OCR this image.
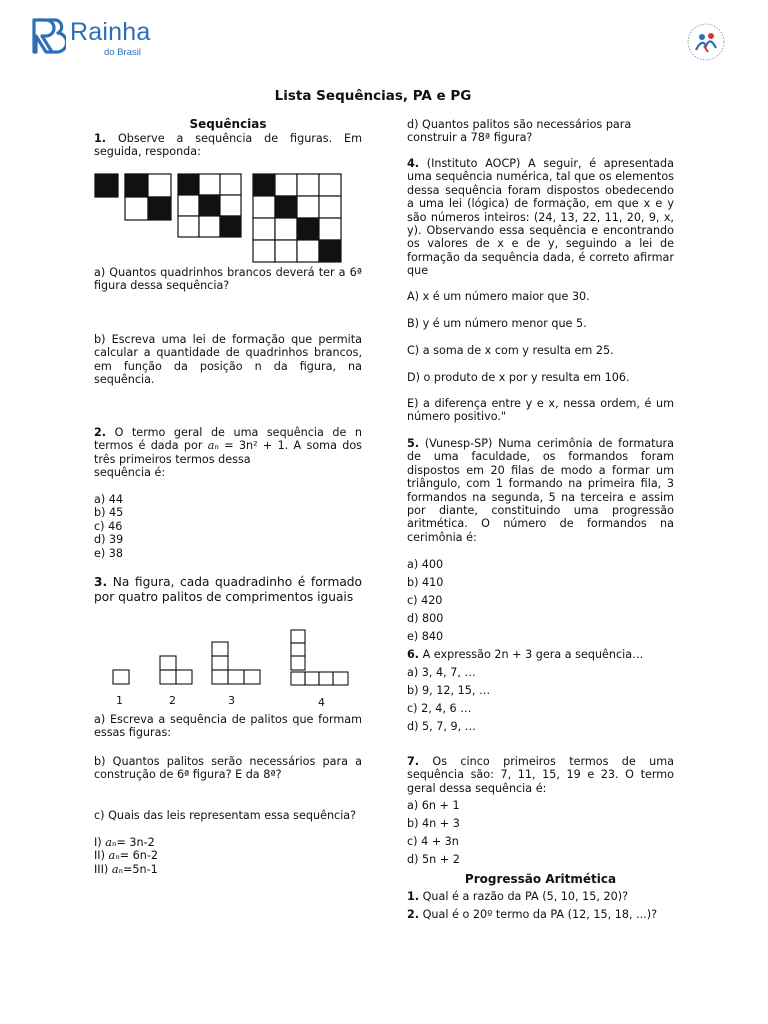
Rainha
do Brasil
Lista Sequências, PA e PG
Sequências

1. Observe a sequência de figuras. Em seguida, responda:

a) Quantos quadrinhos brancos deverá ter a 6ª figura dessa sequência?

b) Escreva uma lei de formação que permita calcular a quantidade de quadrinhos brancos, em função da posição n da figura, na sequência.

2. O termo geral de uma sequência de n termos é dada por aₙ = 3n² + 1. A soma dos três primeiros termos dessa
sequência é:

a) 44

b) 45

c) 46

d) 39

e) 38

3. Na figura, cada quadradinho é formado por quatro palitos de comprimentos iguais

1	2	3	4

a) Escreva a sequência de palitos que formam essas figuras:

b) Quantos palitos serão necessários para a construção de 6ª figura? E da 8ª?

c) Quais das leis representam essa sequência?

I) aₙ= 3n-2

II) aₙ= 6n-2

III) aₙ=5n-1

d) Quantos palitos são necessários para construir a 78ª figura?

4. (Instituto AOCP) A seguir, é apresentada uma sequência numérica, tal que os elementos dessa sequência foram dispostos obedecendo a uma lei (lógica) de formação, em que x e y são números inteiros: (24, 13, 22, 11, 20, 9, x, y). Observando essa sequência e encontrando os valores de x e de y, seguindo a lei de formação da sequência dada, é correto afirmar que

A) x é um número maior que 30.

B) y é um número menor que 5.

C) a soma de x com y resulta em 25.

D) o produto de x por y resulta em 106.

E) a diferença entre y e x, nessa ordem, é um número positivo."

5. (Vunesp-SP) Numa cerimônia de formatura de uma faculdade, os formandos foram dispostos em 20 filas de modo a formar um triângulo, com 1 formando na primeira fila, 3 formandos na segunda, 5 na terceira e assim por diante, constituindo uma progressão aritmética. O número de formandos na cerimônia é:

a) 400

b) 410

c) 420

d) 800

e) 840

6. A expressão 2n + 3 gera a sequência…

a) 3, 4, 7, …

b) 9, 12, 15, …

c) 2, 4, 6 …

d) 5, 7, 9, …

7. Os cinco primeiros termos de uma sequência são: 7, 11, 15, 19 e 23. O termo geral dessa sequência é:

a) 6n + 1

b) 4n + 3

c) 4 + 3n

d) 5n + 2

Progressão Aritmética

1. Qual é a razão da PA (5, 10, 15, 20)?

2. Qual é o 20º termo da PA (12, 15, 18, ...)?
